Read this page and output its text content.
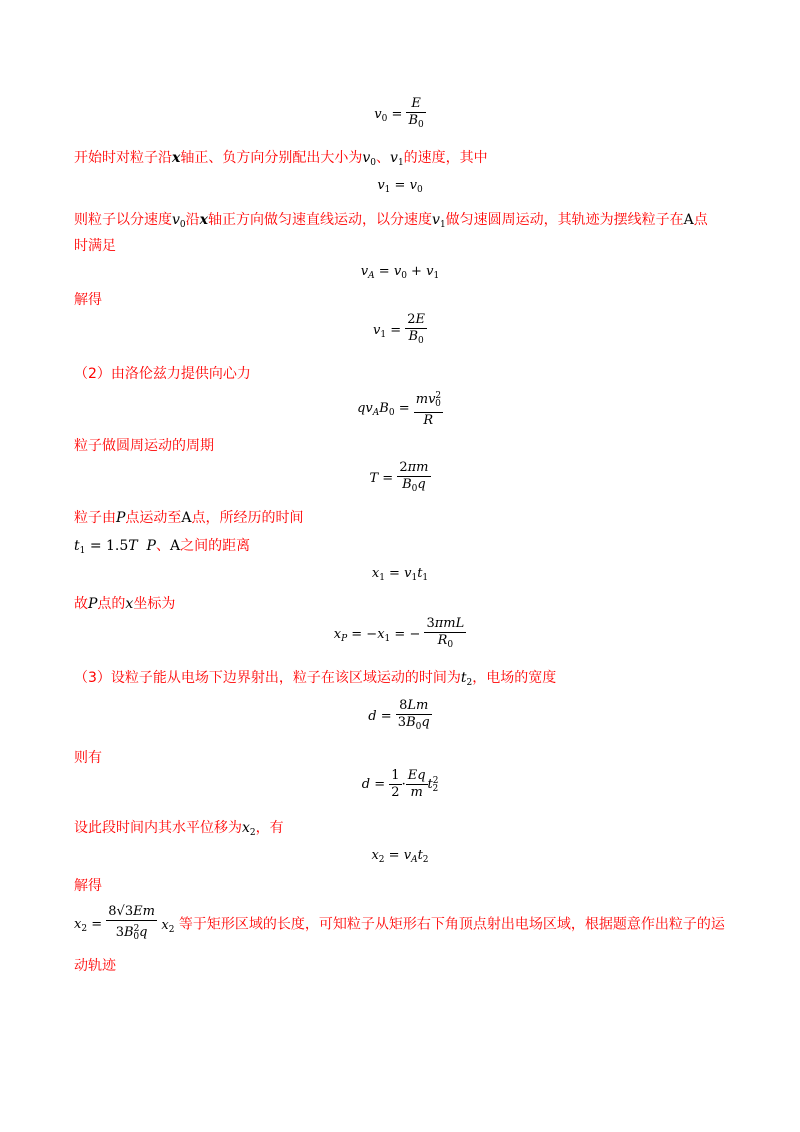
$v_0 = \frac{E}{B_0}$
开始时对粒子沿x轴正、负方向分别配出大小为$v_0$、$v_1$的速度，其中
$v_1 = v_0$
则粒子以分速度$v_0$沿x轴正方向做匀速直线运动，以分速度$v_1$做匀速圆周运动，其轨迹为摆线粒子在A点
时满足
$v_A = v_0 + v_1$
解得
$v_1 = \frac{2E}{B_0}$
（2）由洛伦兹力提供向心力
$qv_AB_0 = \frac{mv^2_0}{R}$
粒子做圆周运动的周期
$T = \frac{2\pi m}{B_0q}$
粒子由P点运动至A点，所经历的时间
$t_1 = 1.5T$ P、A之间的距离
$x_1 = v_1t_1$
故P点的x坐标为
$x_P = -x_1$ = − $\frac{\text{3πmL}}{R_0}$
（3）设粒子能从电场下边界射出，粒子在该区域运动的时间为$t_2$，电场的宽度
$d = \frac{8Lm}{3B_0q}$
则有
$d = \frac{1}{2} \cdot \frac{Eq}{m} t^2_2$
设此段时间内其水平位移为$x_2$，有
$x_2 = v_At_2$
解得
$x_2 = \frac{8√3Em}{3B^2_0q} x_2$ 等于矩形区域的长度，可知粒子从矩形右下角顶点射出电场区域，根据题意作出粒子的运
动轨迹
